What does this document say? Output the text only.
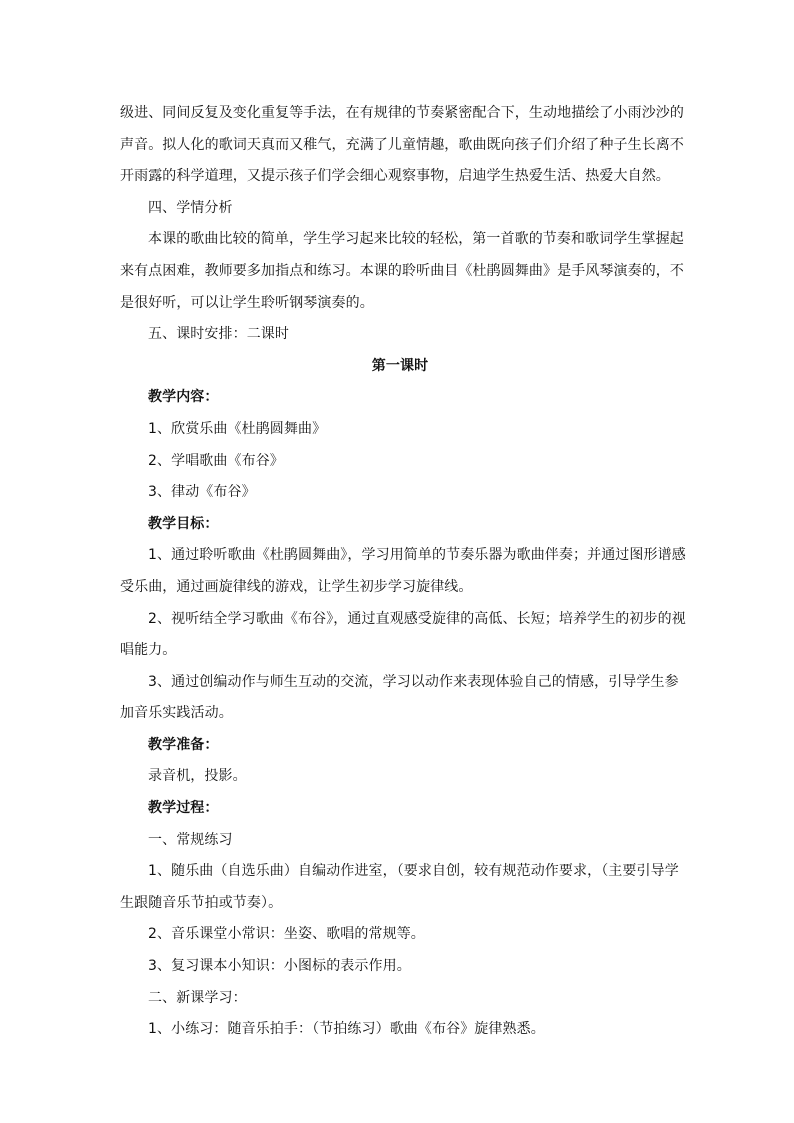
级进、同间反复及变化重复等手法，在有规律的节奏紧密配合下，生动地描绘了小雨沙沙的
声音。拟人化的歌词天真而又稚气，充满了儿童情趣，歌曲既向孩子们介绍了种子生长离不
开雨露的科学道理，又提示孩子们学会细心观察事物，启迪学生热爱生活、热爱大自然。
四、学情分析
本课的歌曲比较的简单，学生学习起来比较的轻松，第一首歌的节奏和歌词学生掌握起
来有点困难，教师要多加指点和练习。本课的聆听曲目《杜鹃圆舞曲》是手风琴演奏的，不
是很好听，可以让学生聆听钢琴演奏的。
五、课时安排：二课时
第一课时
教学内容：
1、欣赏乐曲《杜鹃圆舞曲》
2、学唱歌曲《布谷》
3、律动《布谷》
教学目标：
1、通过聆听歌曲《杜鹃圆舞曲》，学习用简单的节奏乐器为歌曲伴奏；并通过图形谱感
受乐曲，通过画旋律线的游戏，让学生初步学习旋律线。
2、视听结全学习歌曲《布谷》，通过直观感受旋律的高低、长短；培养学生的初步的视
唱能力。
3、通过创编动作与师生互动的交流，学习以动作来表现体验自己的情感，引导学生参
加音乐实践活动。
教学准备：
录音机，投影。
教学过程：
一、常规练习
1、随乐曲（自选乐曲）自编动作进室，（要求自创，较有规范动作要求，（主要引导学
生跟随音乐节拍或节奏）。
2、音乐课堂小常识：坐姿、歌唱的常规等。
3、复习课本小知识：小图标的表示作用。
二、新课学习：
1、小练习：随音乐拍手：（节拍练习）歌曲《布谷》旋律熟悉。
